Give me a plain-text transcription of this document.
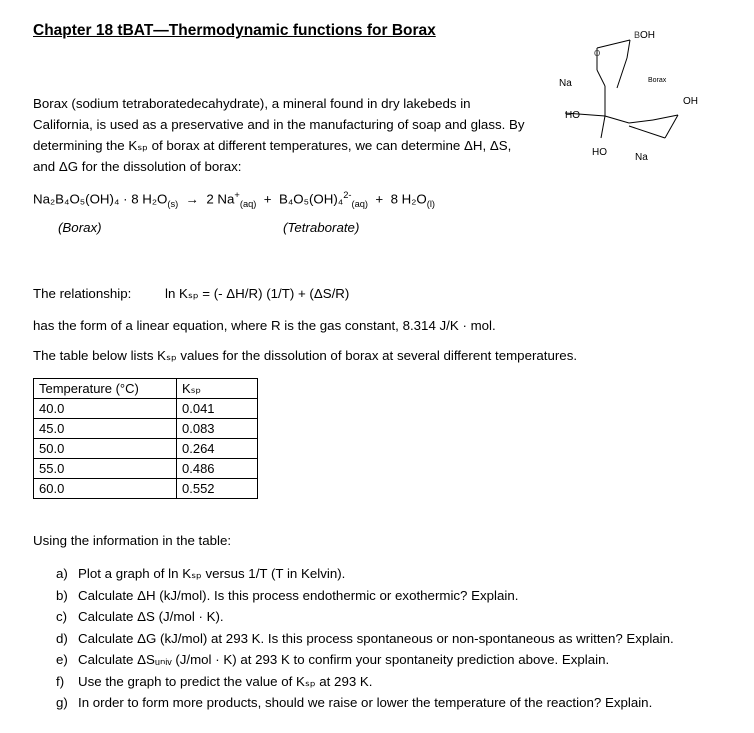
Chapter 18 tBAT—Thermodynamic functions for Borax	B OH
Na	Borax
HO
OH
HO	Na
O
Borax (sodium tetraboratedecahydrate), a mineral found in dry lakebeds in California, is used as a preservative and in the manufacturing of soap and glass. By determining the Kₛₚ of borax at different temperatures, we can determine ΔH, ΔS, and ΔG for the dissolution of borax:
Na₂B₄O₅(OH)₄ · 8 $H_2O_{(s)} \to 2$ $Na^+_{(aq)} + B_4O_5(OH)_4^{2-}_{(aq)} + 8$ $H_2O_{(l)}$
(Borax)	(Tetraborate)
The relationship:	ln Kₛₚ = (- ΔH/R) (1/T) + (ΔS/R)
has the form of a linear equation, where R is the gas constant, 8.314 J/K · mol.
The table below lists Kₛₚ values for the dissolution of borax at several different temperatures.
Temperature (°C)	Kₛₚ
40.0	0.041
45.0	0.083
50.0	0.264
55.0	0.486
60.0	0.552
Using the information in the table:
a) Plot a graph of ln Kₛₚ versus 1/T (T in Kelvin).
b) Calculate ΔH (kJ/mol). Is this process endothermic or exothermic? Explain.
c) Calculate ΔS (J/mol · K).
d) Calculate ΔG (kJ/mol) at 293 K. Is this process spontaneous or non-spontaneous as written? Explain.
e) Calculate ΔSᵤₙᵢᵥ (J/mol · K) at 293 K to confirm your spontaneity prediction above. Explain.
f) Use the graph to predict the value of Kₛₚ at 293 K.
g) In order to form more products, should we raise or lower the temperature of the reaction? Explain.
